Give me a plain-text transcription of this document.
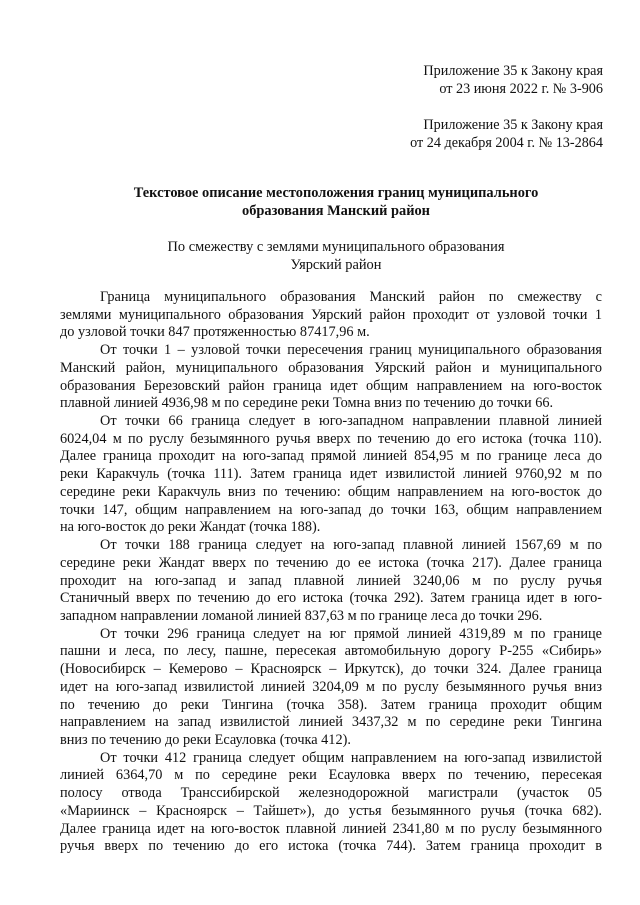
Приложение 35 к Закону края
от 23 июня 2022 г. № 3-906
Приложение 35 к Закону края
от 24 декабря 2004 г. № 13-2864
Текстовое описание местоположения границ муниципального
образования Манский район
По смежеству с землями муниципального образования
Уярский район

Граница муниципального образования Манский район по смежеству с
землями муниципального образования Уярский район проходит от узловой точки 1
до узловой точки 847 протяженностью 87417,96 м.

От точки 1 – узловой точки пересечения границ муниципального образования
Манский район, муниципального образования Уярский район и муниципального
образования Березовский район граница идет общим направлением на юго-восток
плавной линией 4936,98 м по середине реки Томна вниз по течению до точки 66.

От точки 66 граница следует в юго-западном направлении плавной линией
6024,04 м по руслу безымянного ручья вверх по течению до его истока (точка 110).
Далее граница проходит на юго-запад прямой линией 854,95 м по границе леса до
реки Каракчуль (точка 111). Затем граница идет извилистой линией 9760,92 м по
середине реки Каракчуль вниз по течению: общим направлением на юго-восток до
точки 147, общим направлением на юго-запад до точки 163, общим направлением
на юго-восток до реки Жандат (точка 188).

От точки 188 граница следует на юго-запад плавной линией 1567,69 м по
середине реки Жандат вверх по течению до ее истока (точка 217). Далее граница
проходит на юго-запад и запад плавной линией 3240,06 м по руслу ручья
Станичный вверх по течению до его истока (точка 292). Затем граница идет в юго-
западном направлении ломаной линией 837,63 м по границе леса до точки 296.

От точки 296 граница следует на юг прямой линией 4319,89 м по границе
пашни и леса, по лесу, пашне, пересекая автомобильную дорогу Р-255 «Сибирь»
(Новосибирск – Кемерово – Красноярск – Иркутск), до точки 324. Далее граница
идет на юго-запад извилистой линией 3204,09 м по руслу безымянного ручья вниз
по течению до реки Тингина (точка 358). Затем граница проходит общим
направлением на запад извилистой линией 3437,32 м по середине реки Тингина
вниз по течению до реки Есауловка (точка 412).

От точки 412 граница следует общим направлением на юго-запад извилистой
линией 6364,70 м по середине реки Есауловка вверх по течению, пересекая
полосу отвода Транссибирской железнодорожной магистрали (участок 05
«Мариинск – Красноярск – Тайшет»), до устья безымянного ручья (точка 682).
Далее граница идет на юго-восток плавной линией 2341,80 м по руслу безымянного
ручья вверх по течению до его истока (точка 744). Затем граница проходит в
